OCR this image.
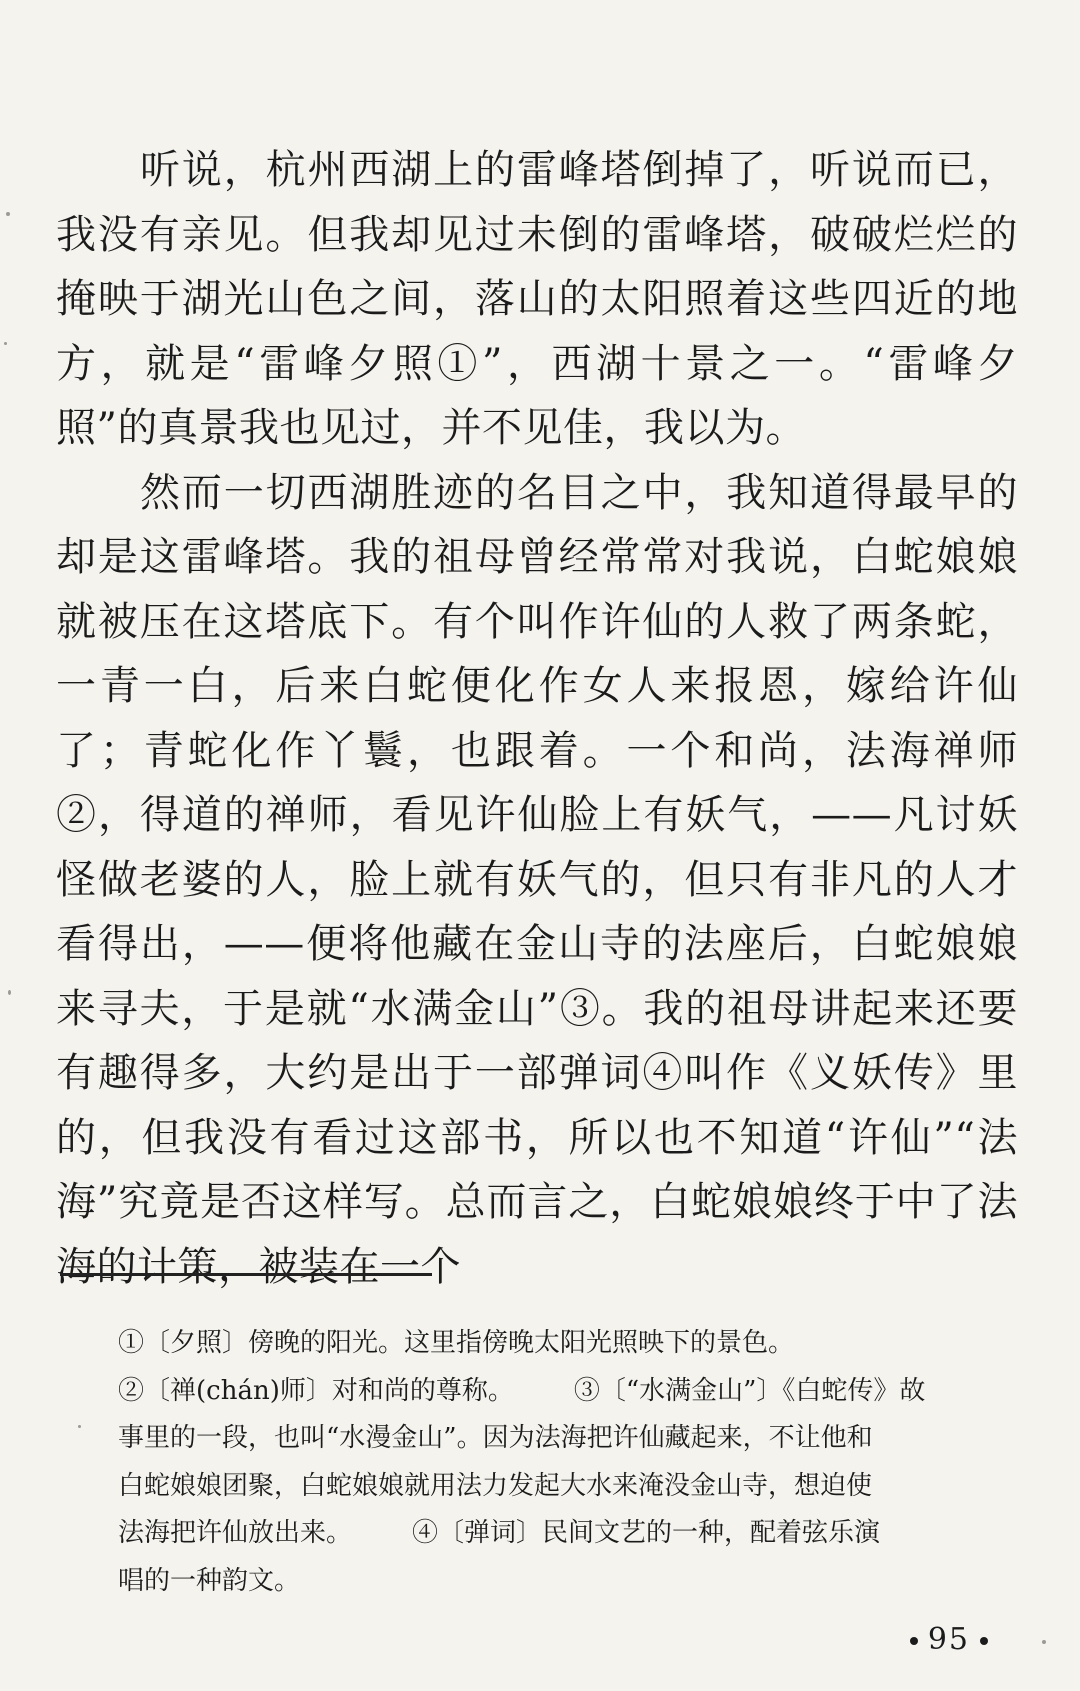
听说，杭州西湖上的雷峰塔倒掉了，听说而已，我没有亲见。但我却见过未倒的雷峰塔，破破烂烂的掩映于湖光山色之间，落山的太阳照着这些四近的地方，就是“雷峰夕照①”，西湖十景之一。“雷峰夕照”的真景我也见过，并不见佳，我以为。

然而一切西湖胜迹的名目之中，我知道得最早的却是这雷峰塔。我的祖母曾经常常对我说，白蛇娘娘就被压在这塔底下。有个叫作许仙的人救了两条蛇，一青一白，后来白蛇便化作女人来报恩，嫁给许仙了；青蛇化作丫鬟，也跟着。一个和尚，法海禅师②，得道的禅师，看见许仙脸上有妖气，——凡讨妖怪做老婆的人，脸上就有妖气的，但只有非凡的人才看得出，——便将他藏在金山寺的法座后，白蛇娘娘来寻夫，于是就“水满金山”③。我的祖母讲起来还要有趣得多，大约是出于一部弹词④叫作《义妖传》里的，但我没有看过这部书，所以也不知道“许仙”“法海”究竟是否这样写。总而言之，白蛇娘娘终于中了法海的计策，被装在一个

①〔夕照〕傍晚的阳光。这里指傍晚太阳光照映下的景色。

②〔禅(chán)师〕对和尚的尊称。 ③〔“水满金山”〕《白蛇传》故

事里的一段，也叫“水漫金山”。因为法海把许仙藏起来，不让他和

白蛇娘娘团聚，白蛇娘娘就用法力发起大水来淹没金山寺，想迫使

法海把许仙放出来。 ④〔弹词〕民间文艺的一种，配着弦乐演

唱的一种韵文。

95
